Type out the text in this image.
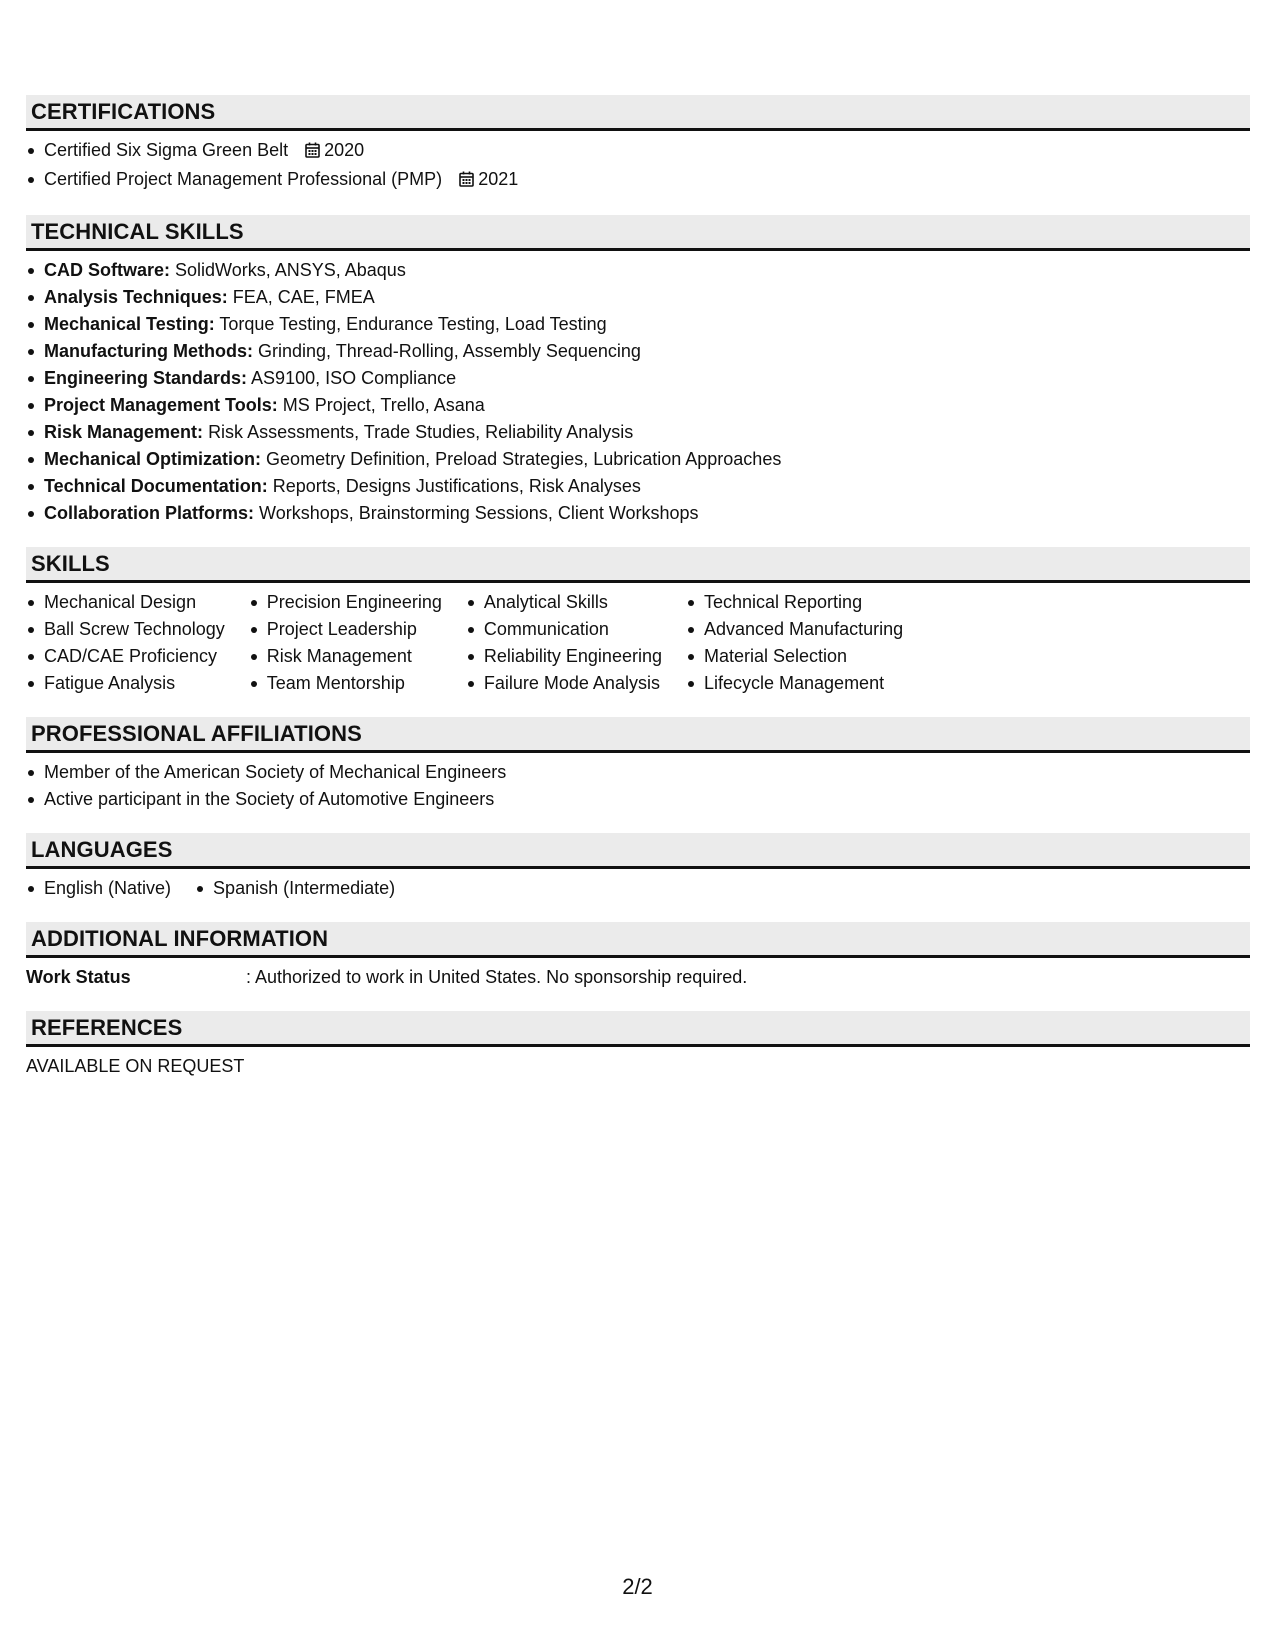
CERTIFICATIONS
Certified Six Sigma Green Belt 2020
Certified Project Management Professional (PMP) 2021
TECHNICAL SKILLS
CAD Software: SolidWorks, ANSYS, Abaqus
Analysis Techniques: FEA, CAE, FMEA
Mechanical Testing: Torque Testing, Endurance Testing, Load Testing
Manufacturing Methods: Grinding, Thread-Rolling, Assembly Sequencing
Engineering Standards: AS9100, ISO Compliance
Project Management Tools: MS Project, Trello, Asana
Risk Management: Risk Assessments, Trade Studies, Reliability Analysis
Mechanical Optimization: Geometry Definition, Preload Strategies, Lubrication Approaches
Technical Documentation: Reports, Designs Justifications, Risk Analyses
Collaboration Platforms: Workshops, Brainstorming Sessions, Client Workshops
SKILLS
Mechanical Design
Ball Screw Technology
CAD/CAE Proficiency
Fatigue Analysis
Precision Engineering
Project Leadership
Risk Management
Team Mentorship
Analytical Skills
Communication
Reliability Engineering
Failure Mode Analysis
Technical Reporting
Advanced Manufacturing
Material Selection
Lifecycle Management
PROFESSIONAL AFFILIATIONS
Member of the American Society of Mechanical Engineers
Active participant in the Society of Automotive Engineers
LANGUAGES
English (Native)	Spanish (Intermediate)
ADDITIONAL INFORMATION
Work Status	: Authorized to work in United States. No sponsorship required.
REFERENCES
AVAILABLE ON REQUEST
2/2
